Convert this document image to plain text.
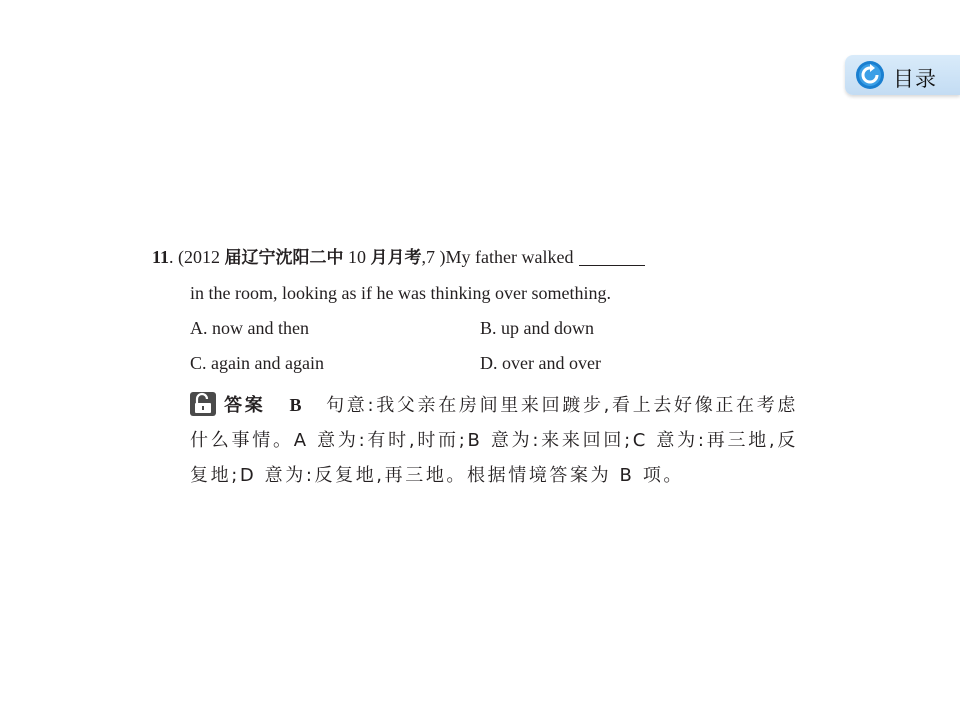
目录
11. (2012 届辽宁沈阳二中 10 月月考,7 )My father walked
in the room, looking as if he was thinking over something.
A. now and then	B. up and down
C. again and again	D. over and over
答案 B 句意:我父亲在房间里来回踱步,看上去好像正在考虑什么事情。A 意为:有时,时而;B 意为:来来回回;C 意为:再三地,反复地;D 意为:反复地,再三地。根据情境答案为 B 项。
